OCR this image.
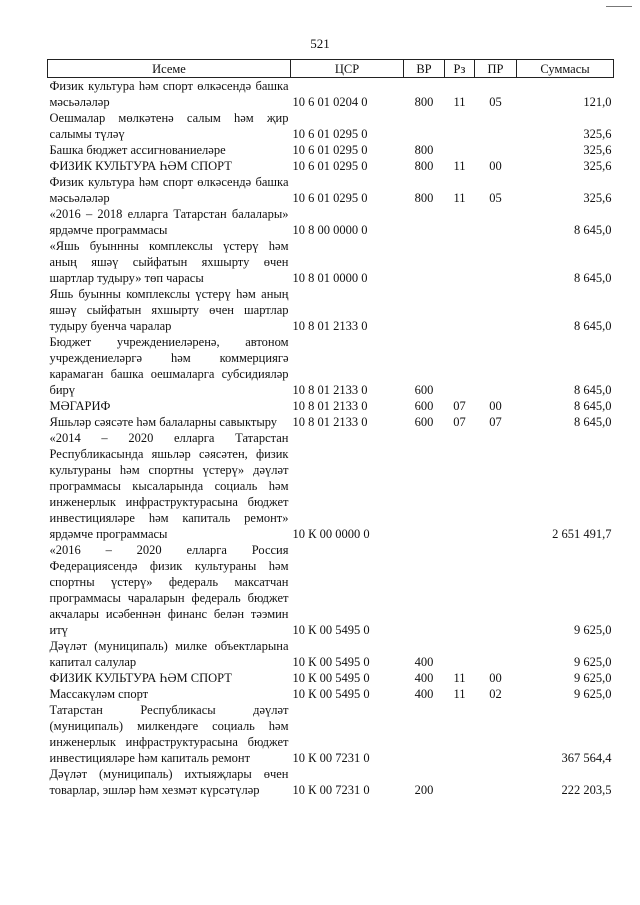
521
Исеме	ЦСР	ВР	Рз	ПР	Суммасы
Физик культура һәм спорт өлкәсендә башка мәсьәләләр	10 6 01 0204 0	800	11	05	121,0
Оешмалар мөлкәтенә салым һәм җир салымы түләү	10 6 01 0295 0				325,6
Башка бюджет ассигнованиеләре	10 6 01 0295 0	800			325,6
ФИЗИК КУЛЬТУРА ҺӘМ СПОРТ	10 6 01 0295 0	800	11	00	325,6
Физик культура һәм спорт өлкәсендә башка мәсьәләләр	10 6 01 0295 0	800	11	05	325,6
«2016 – 2018 елларга Татарстан балалары» ярдәмче программасы	10 8 00 0000 0				8 645,0
«Яшь буыннны комплекслы үстерү һәм аның яшәү сыйфатын яхшырту өчен шартлар тудыру» төп чарасы	10 8 01 0000 0				8 645,0
Яшь буынны комплекслы үстерү һәм аның яшәү сыйфатын яхшырту өчен шартлар тудыру буенча чаралар	10 8 01 2133 0				8 645,0
Бюджет учреждениеләренә, автоном учреждениеләргә һәм коммерциягә карамаган башка оешмаларга субсидияләр бирү	10 8 01 2133 0	600			8 645,0
МӘГАРИФ	10 8 01 2133 0	600	07	00	8 645,0
Яшьләр сәясәте һәм балаларны савыктыру	10 8 01 2133 0	600	07	07	8 645,0
«2014 – 2020 елларга Татарстан Республикасында яшьләр сәясәтен, физик культураны һәм спортны үстерү» дәүләт программасы кысаларында социаль һәм инженерлык инфраструктурасына бюджет инвестицияләре һәм капиталь ремонт» ярдәмче программасы	10 К 00 0000 0				2 651 491,7
«2016 – 2020 елларга Россия Федерациясендә физик культураны һәм спортны үстерү» федераль максатчан программасы чараларын федераль бюджет акчалары исәбеннән финанс белән тәэмин итү	10 К 00 5495 0				9 625,0
Дәүләт (муниципаль) милке объектларына капитал салулар	10 К 00 5495 0	400			9 625,0
ФИЗИК КУЛЬТУРА ҺӘМ СПОРТ	10 К 00 5495 0	400	11	00	9 625,0
Массакүләм спорт	10 К 00 5495 0	400	11	02	9 625,0
Татарстан Республикасы дәүләт (муниципаль) милкендәге социаль һәм инженерлык инфраструктурасына бюджет инвестицияләре һәм капиталь ремонт	10 К 00 7231 0				367 564,4
Дәүләт (муниципаль) ихтыяҗлары өчен товарлар, эшләр һәм хезмәт күрсәтүләр	10 К 00 7231 0	200			222 203,5
